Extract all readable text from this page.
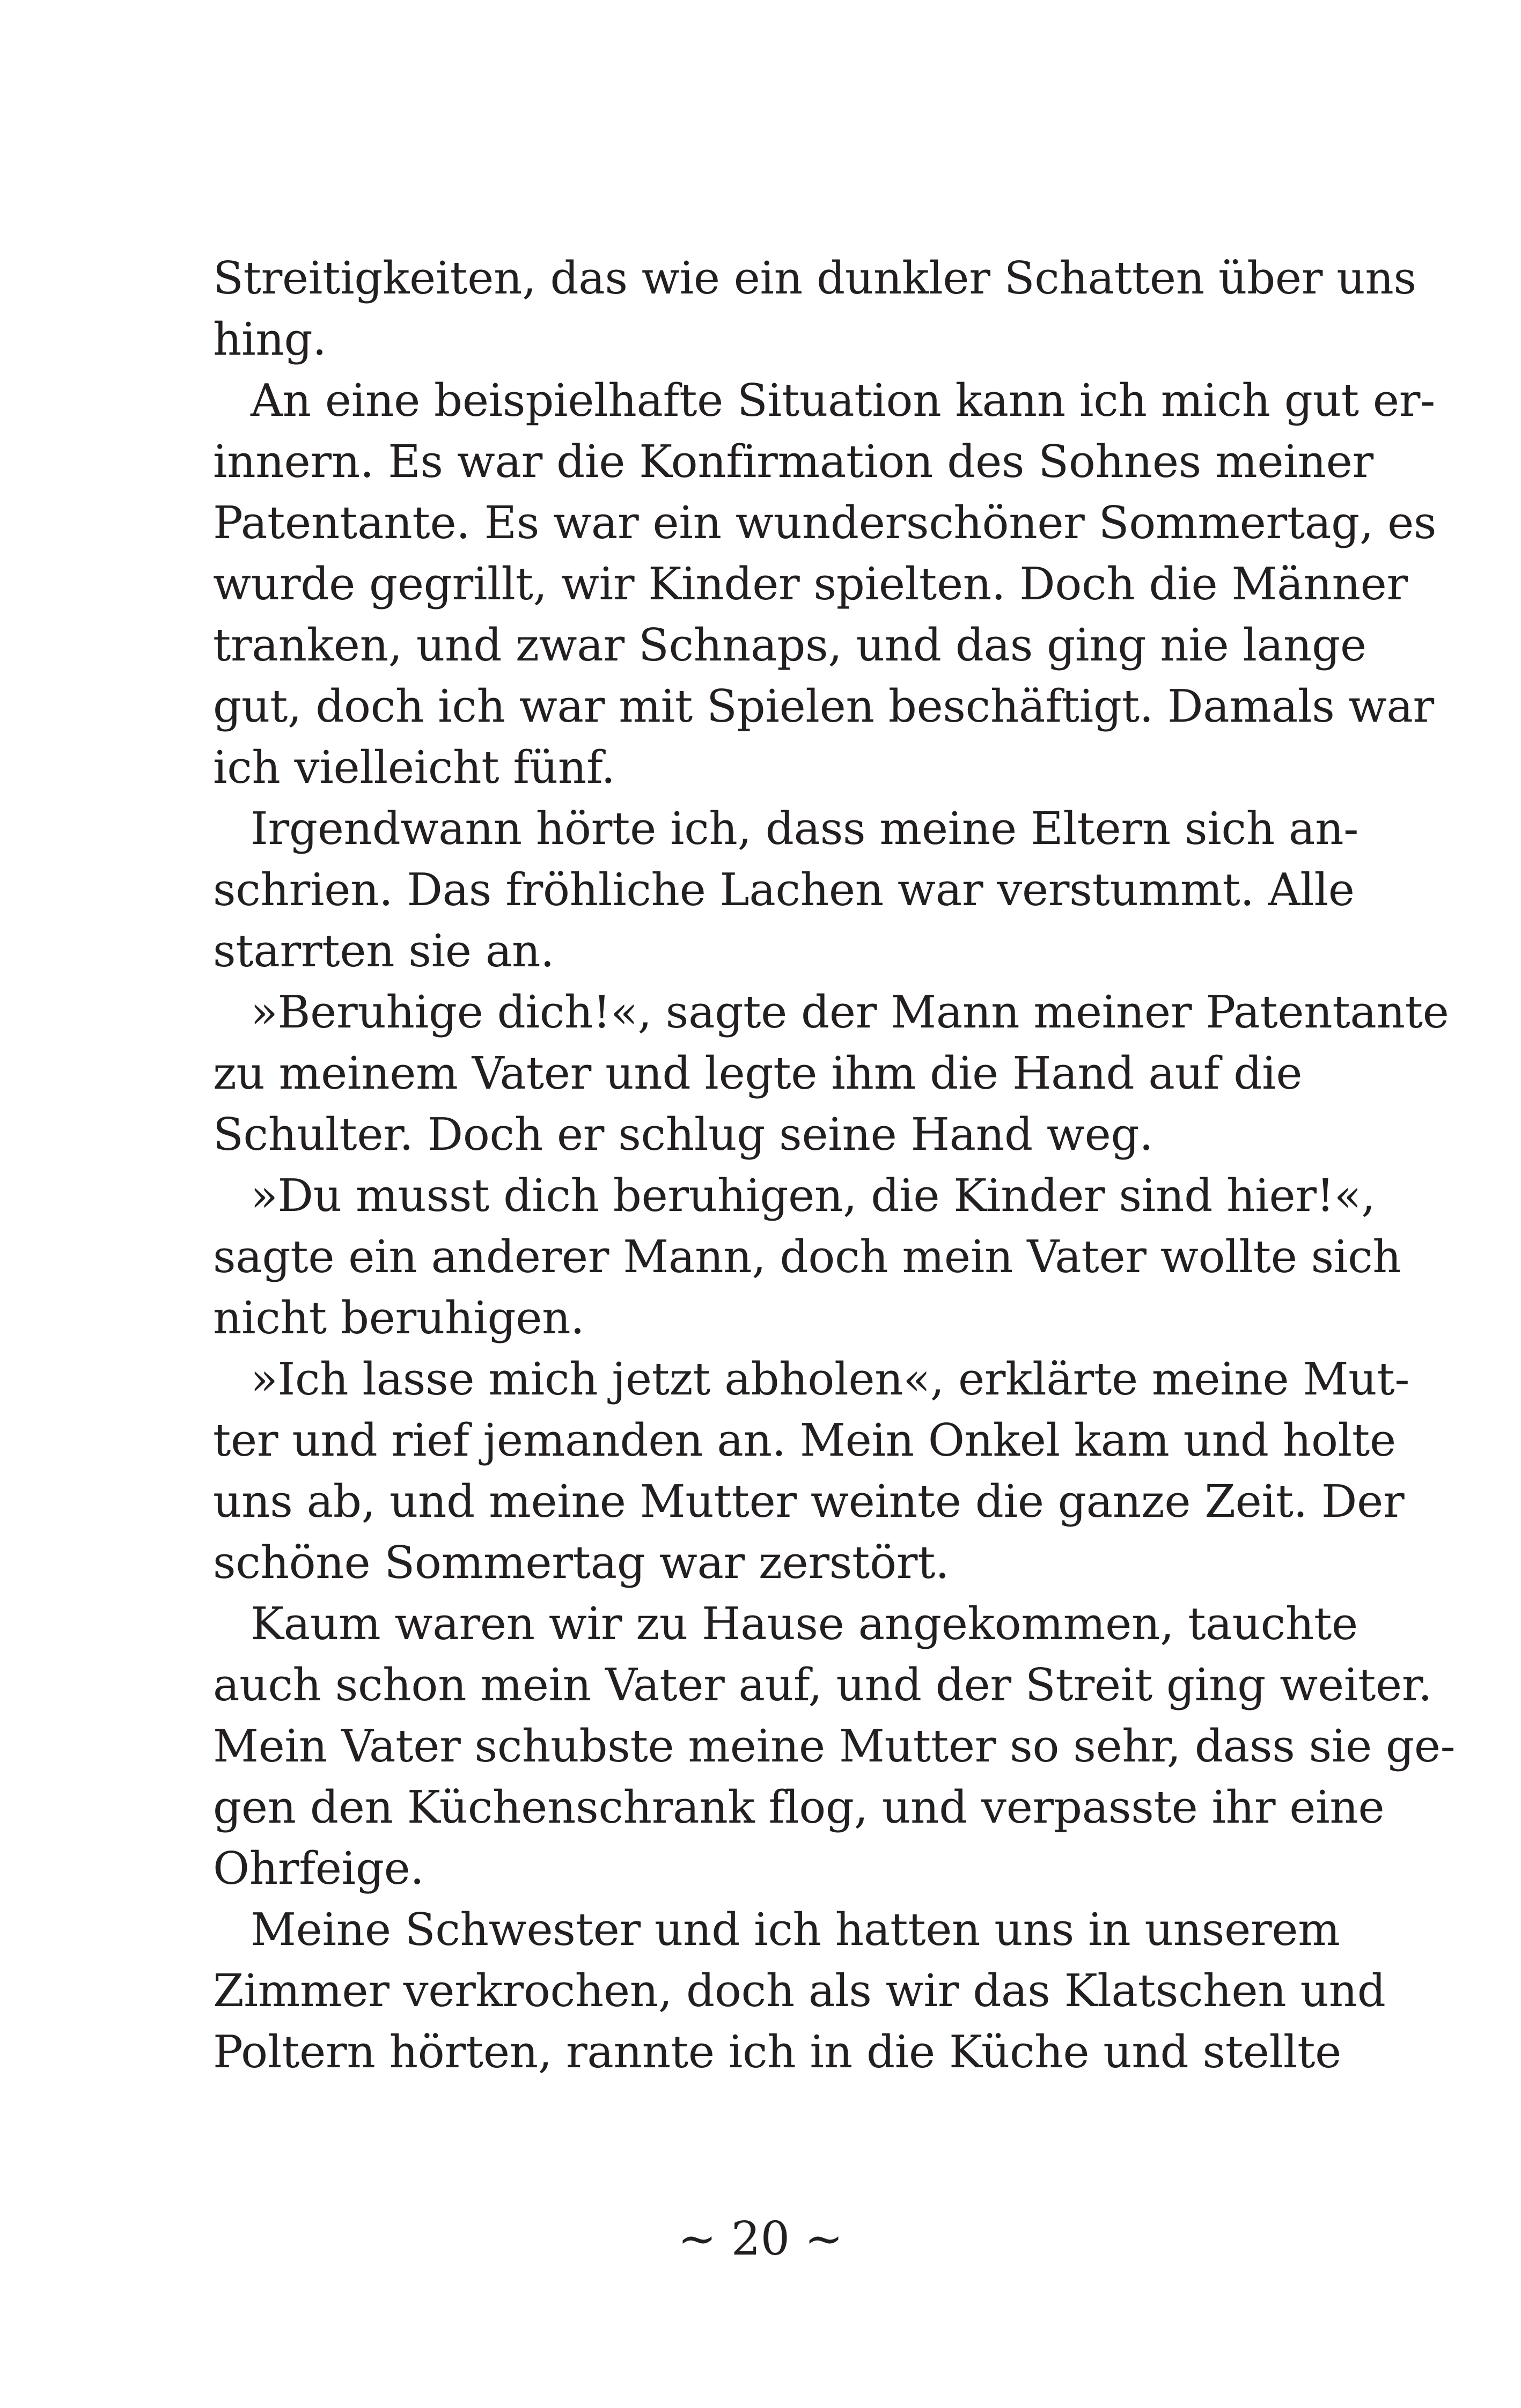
Streitigkeiten, das wie ein dunkler Schatten über uns
hing.
An eine beispielhafte Situation kann ich mich gut er-
innern. Es war die Konfirmation des Sohnes meiner
Patentante. Es war ein wunderschöner Sommertag, es
wurde gegrillt, wir Kinder spielten. Doch die Männer
tranken, und zwar Schnaps, und das ging nie lange
gut, doch ich war mit Spielen beschäftigt. Damals war
ich vielleicht fünf.
Irgendwann hörte ich, dass meine Eltern sich an-
schrien. Das fröhliche Lachen war verstummt. Alle
starrten sie an.
»Beruhige dich!«, sagte der Mann meiner Patentante
zu meinem Vater und legte ihm die Hand auf die
Schulter. Doch er schlug seine Hand weg.
»Du musst dich beruhigen, die Kinder sind hier!«,
sagte ein anderer Mann, doch mein Vater wollte sich
nicht beruhigen.
»Ich lasse mich jetzt abholen«, erklärte meine Mut-
ter und rief jemanden an. Mein Onkel kam und holte
uns ab, und meine Mutter weinte die ganze Zeit. Der
schöne Sommertag war zerstört.
Kaum waren wir zu Hause angekommen, tauchte
auch schon mein Vater auf, und der Streit ging weiter.
Mein Vater schubste meine Mutter so sehr, dass sie ge-
gen den Küchenschrank flog, und verpasste ihr eine
Ohrfeige.
Meine Schwester und ich hatten uns in unserem
Zimmer verkrochen, doch als wir das Klatschen und
Poltern hörten, rannte ich in die Küche und stellte
~ 20 ~
